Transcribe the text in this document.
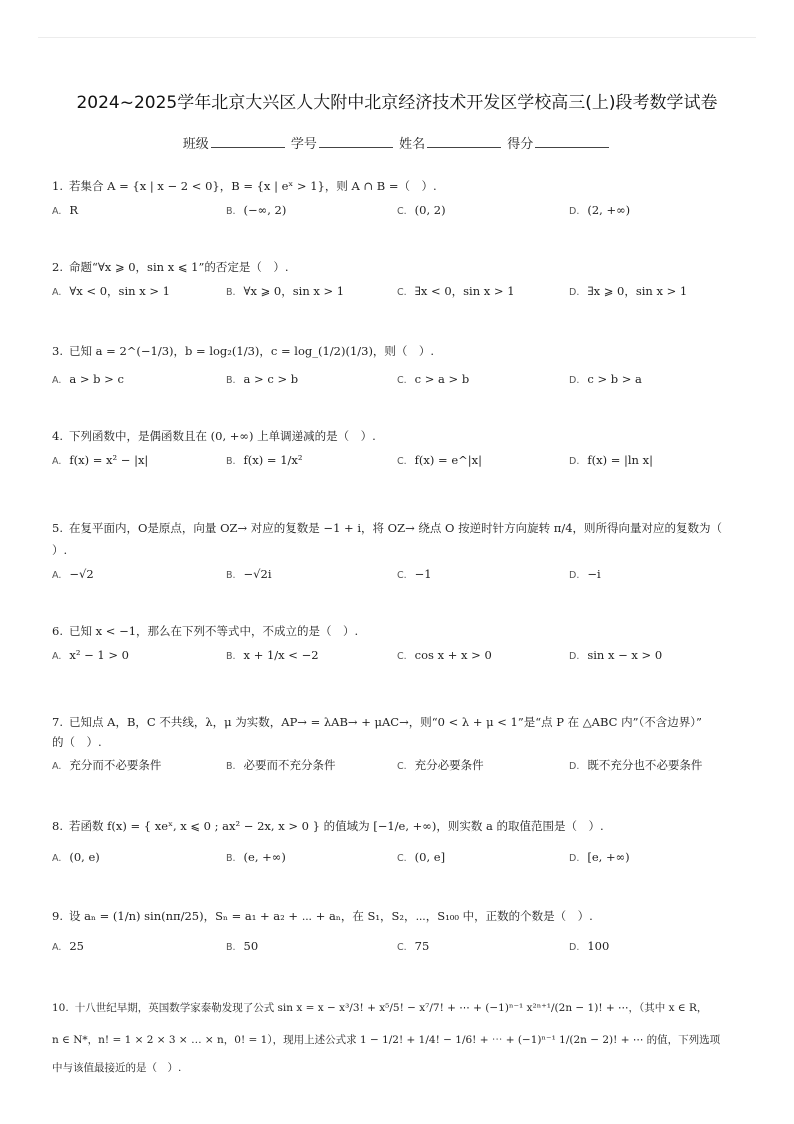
2024~2025学年北京大兴区人大附中北京经济技术开发区学校高三(上)段考数学试卷
班级	学号	姓名	得分
1. 若集合 A = {x | x − 2 < 0}，B = {x | eˣ > 1}，则 A ∩ B =（　）.
A. R	B. (−∞, 2)	C. (0, 2)	D. (2, +∞)
2. 命题“∀x ⩾ 0，sin x ⩽ 1”的否定是（　）.
A. ∀x < 0，sin x > 1	B. ∀x ⩾ 0，sin x > 1	C. ∃x < 0，sin x > 1	D. ∃x ⩾ 0，sin x > 1
3. 已知 a = 2^(−1/3)，b = log₂(1/3)，c = log_(1/2)(1/3)，则（　）.
A. a > b > c	B. a > c > b	C. c > a > b	D. c > b > a
4. 下列函数中，是偶函数且在 (0, +∞) 上单调递减的是（　）.
A. f(x) = x² − |x|	B. f(x) = 1/x²	C. f(x) = e^|x|	D. f(x) = |ln x|
5. 在复平面内，O是原点，向量 OZ→ 对应的复数是 −1 + i，将 OZ→ 绕点 O 按逆时针方向旋转 π/4，则所得向量对应的复数为（
）.
A. −√2	B. −√2i	C. −1	D. −i
6. 已知 x < −1，那么在下列不等式中，不成立的是（　）.
A. x² − 1 > 0	B. x + 1/x < −2	C. cos x + x > 0	D. sin x − x > 0
7. 已知点 A，B，C 不共线，λ，μ 为实数，AP→ = λAB→ + μAC→，则“0 < λ + μ < 1”是“点 P 在 △ABC 内”（不含边界）”
的（　）.
A. 充分而不必要条件	B. 必要而不充分条件	C. 充分必要条件	D. 既不充分也不必要条件
8. 若函数 f(x) = { xeˣ, x ⩽ 0 ; ax² − 2x, x > 0 } 的值域为 [−1/e, +∞)，则实数 a 的取值范围是（　）.
A. (0, e)	B. (e, +∞)	C. (0, e]	D. [e, +∞)
9. 设 aₙ = (1/n) sin(nπ/25)，Sₙ = a₁ + a₂ + ⋯ + aₙ，在 S₁，S₂，⋯，S₁₀₀ 中，正数的个数是（　）.
A. 25	B. 50	C. 75	D. 100
10. 十八世纪早期，英国数学家泰勒发现了公式 sin x = x − x³/3! + x⁵/5! − x⁷/7! + ⋯ + (−1)ⁿ⁻¹ x²ⁿ⁺¹/(2n − 1)! + ⋯，（其中 x ∈ R，
n ∈ N*，n! = 1 × 2 × 3 × … × n，0! = 1），现用上述公式求 1 − 1/2! + 1/4! − 1/6! + ⋯ + (−1)ⁿ⁻¹ 1/(2n − 2)! + ⋯ 的值，下列选项
中与该值最接近的是（　）.
